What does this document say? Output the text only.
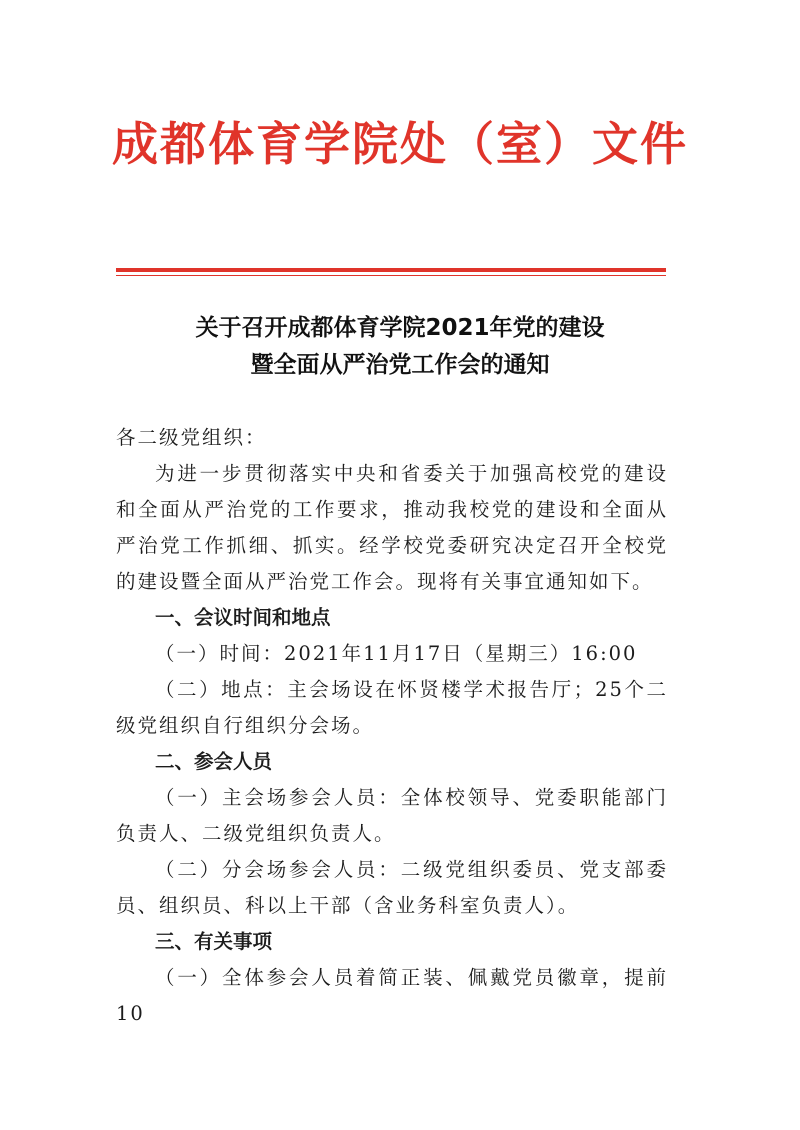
成都体育学院处（室）文件
关于召开成都体育学院2021年党的建设
暨全面从严治党工作会的通知

各二级党组织：

为进一步贯彻落实中央和省委关于加强高校党的建设和全面从严治党的工作要求，推动我校党的建设和全面从严治党工作抓细、抓实。经学校党委研究决定召开全校党的建设暨全面从严治党工作会。现将有关事宜通知如下。

一、会议时间和地点

（一）时间：2021年11月17日（星期三）16:00

（二）地点：主会场设在怀贤楼学术报告厅；25个二级党组织自行组织分会场。

二、参会人员

（一）主会场参会人员：全体校领导、党委职能部门负责人、二级党组织负责人。

（二）分会场参会人员：二级党组织委员、党支部委员、组织员、科以上干部（含业务科室负责人）。

三、有关事项

（一）全体参会人员着简正装、佩戴党员徽章，提前10
